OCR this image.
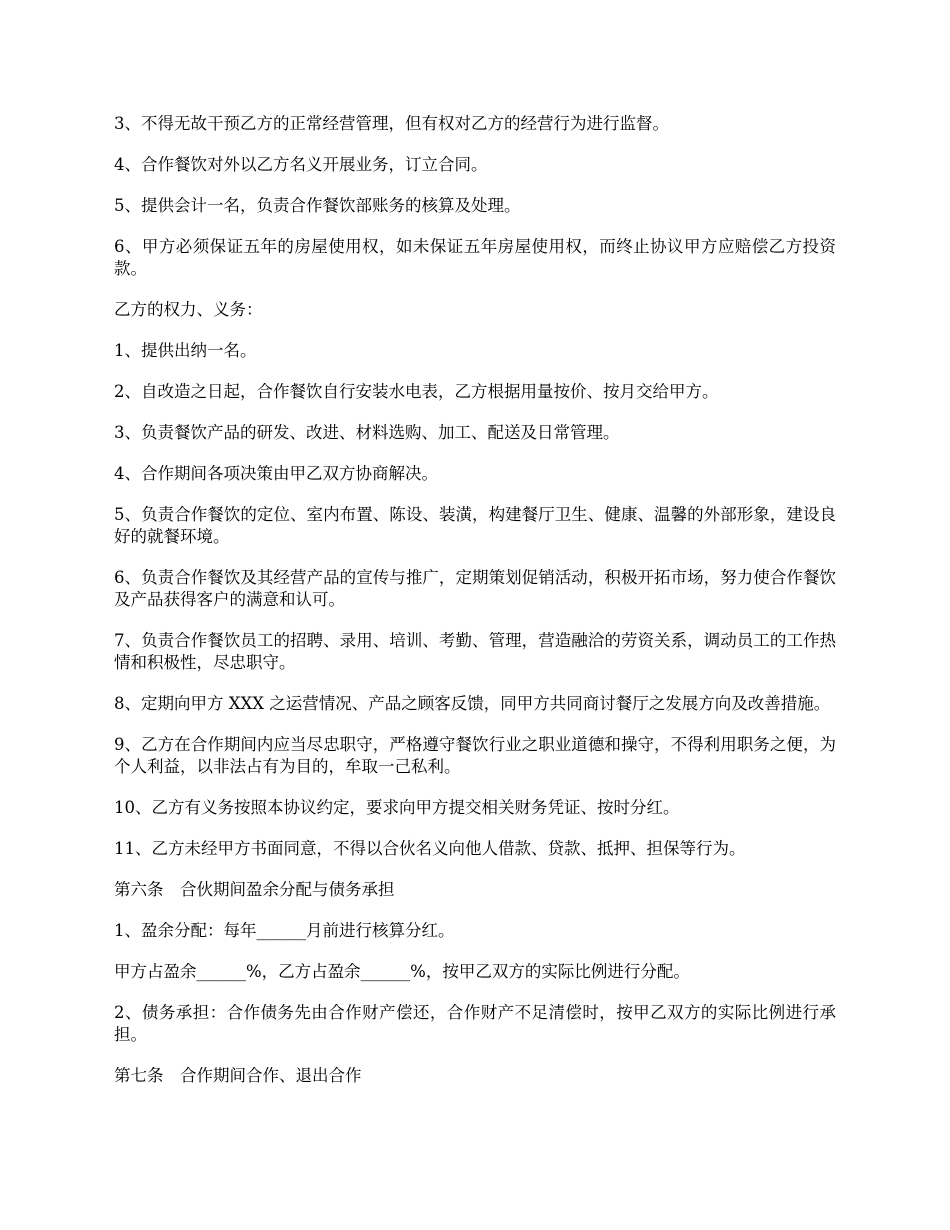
3、不得无故干预乙方的正常经营管理，但有权对乙方的经营行为进行监督。

4、合作餐饮对外以乙方名义开展业务，订立合同。

5、提供会计一名，负责合作餐饮部账务的核算及处理。

6、甲方必须保证五年的房屋使用权，如未保证五年房屋使用权，而终止协议甲方应赔偿乙方投资款。

乙方的权力、义务：

1、提供出纳一名。

2、自改造之日起，合作餐饮自行安装水电表，乙方根据用量按价、按月交给甲方。

3、负责餐饮产品的研发、改进、材料选购、加工、配送及日常管理。

4、合作期间各项决策由甲乙双方协商解决。

5、负责合作餐饮的定位、室内布置、陈设、装潢，构建餐厅卫生、健康、温馨的外部形象，建设良好的就餐环境。

6、负责合作餐饮及其经营产品的宣传与推广，定期策划促销活动，积极开拓市场，努力使合作餐饮及产品获得客户的满意和认可。

7、负责合作餐饮员工的招聘、录用、培训、考勤、管理，营造融洽的劳资关系，调动员工的工作热情和积极性，尽忠职守。

8、定期向甲方 XXX 之运营情况、产品之顾客反馈，同甲方共同商讨餐厅之发展方向及改善措施。

9、乙方在合作期间内应当尽忠职守，严格遵守餐饮行业之职业道德和操守，不得利用职务之便，为个人利益，以非法占有为目的，牟取一己私利。

10、乙方有义务按照本协议约定，要求向甲方提交相关财务凭证、按时分红。

11、乙方未经甲方书面同意，不得以合伙名义向他人借款、贷款、抵押、担保等行为。

第六条　合伙期间盈余分配与债务承担

1、盈余分配：每年______月前进行核算分红。

甲方占盈余______%，乙方占盈余______%，按甲乙双方的实际比例进行分配。

2、债务承担：合作债务先由合作财产偿还，合作财产不足清偿时，按甲乙双方的实际比例进行承担。

第七条　合作期间合作、退出合作
